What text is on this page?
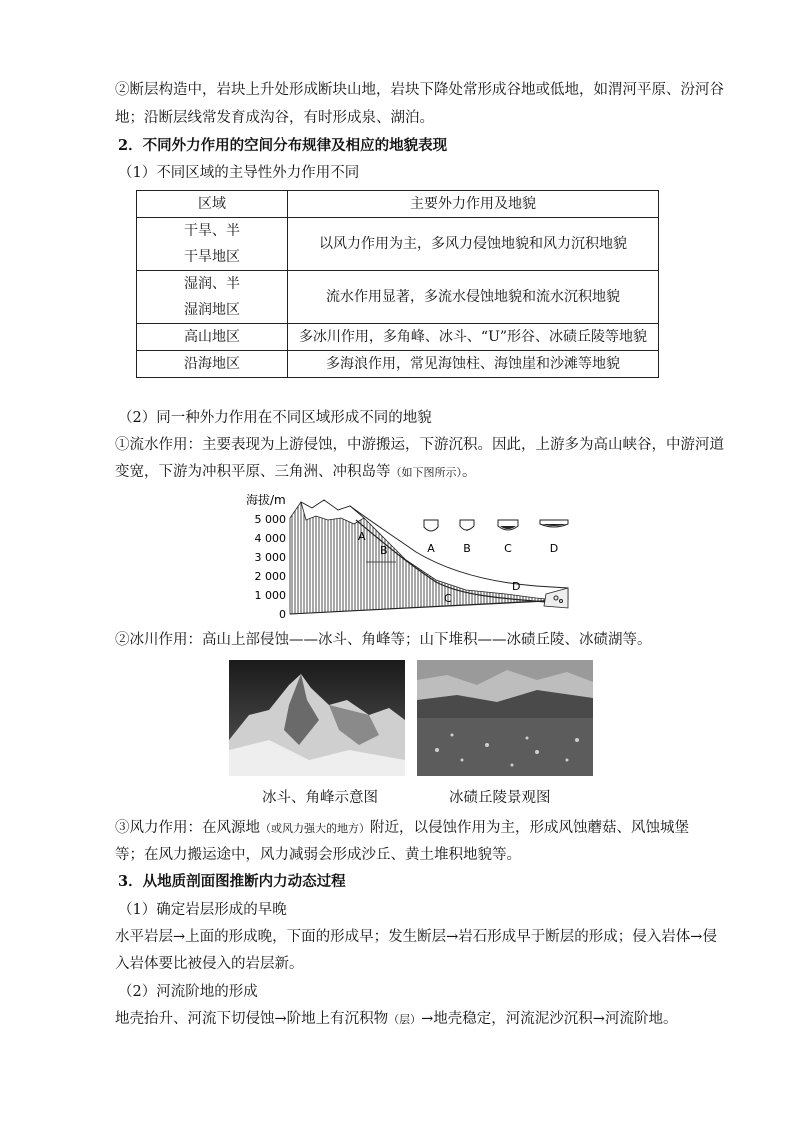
②断层构造中，岩块上升处形成断块山地，岩块下降处常形成谷地或低地，如渭河平原、汾河谷
地；沿断层线常发育成沟谷，有时形成泉、湖泊。
2．不同外力作用的空间分布规律及相应的地貌表现
（1）不同区域的主导性外力作用不同
区域	主要外力作用及地貌
干旱、半
干旱地区	以风力作用为主，多风力侵蚀地貌和风力沉积地貌
湿润、半
湿润地区	流水作用显著，多流水侵蚀地貌和流水沉积地貌
高山地区	多冰川作用，多角峰、冰斗、“U”形谷、冰碛丘陵等地貌
沿海地区	多海浪作用，常见海蚀柱、海蚀崖和沙滩等地貌
（2）同一种外力作用在不同区域形成不同的地貌
①流水作用：主要表现为上游侵蚀，中游搬运，下游沉积。因此，上游多为高山峡谷，中游河道
变宽，下游为冲积平原、三角洲、冲积岛等（如下图所示）。
海拔/m
5 000
4 000
3 000
2 000
1 000
0
A
B
C
D
A	B	C	D
②冰川作用：高山上部侵蚀——冰斗、角峰等；山下堆积——冰碛丘陵、冰碛湖等。
冰斗、角峰示意图	冰碛丘陵景观图
③风力作用：在风源地（或风力强大的地方）附近，以侵蚀作用为主，形成风蚀蘑菇、风蚀城堡
等；在风力搬运途中，风力减弱会形成沙丘、黄土堆积地貌等。
3．从地质剖面图推断内力动态过程
（1）确定岩层形成的早晚
水平岩层→上面的形成晚，下面的形成早；发生断层→岩石形成早于断层的形成；侵入岩体→侵
入岩体要比被侵入的岩层新。
（2）河流阶地的形成
地壳抬升、河流下切侵蚀→阶地上有沉积物（层）→地壳稳定，河流泥沙沉积→河流阶地。
